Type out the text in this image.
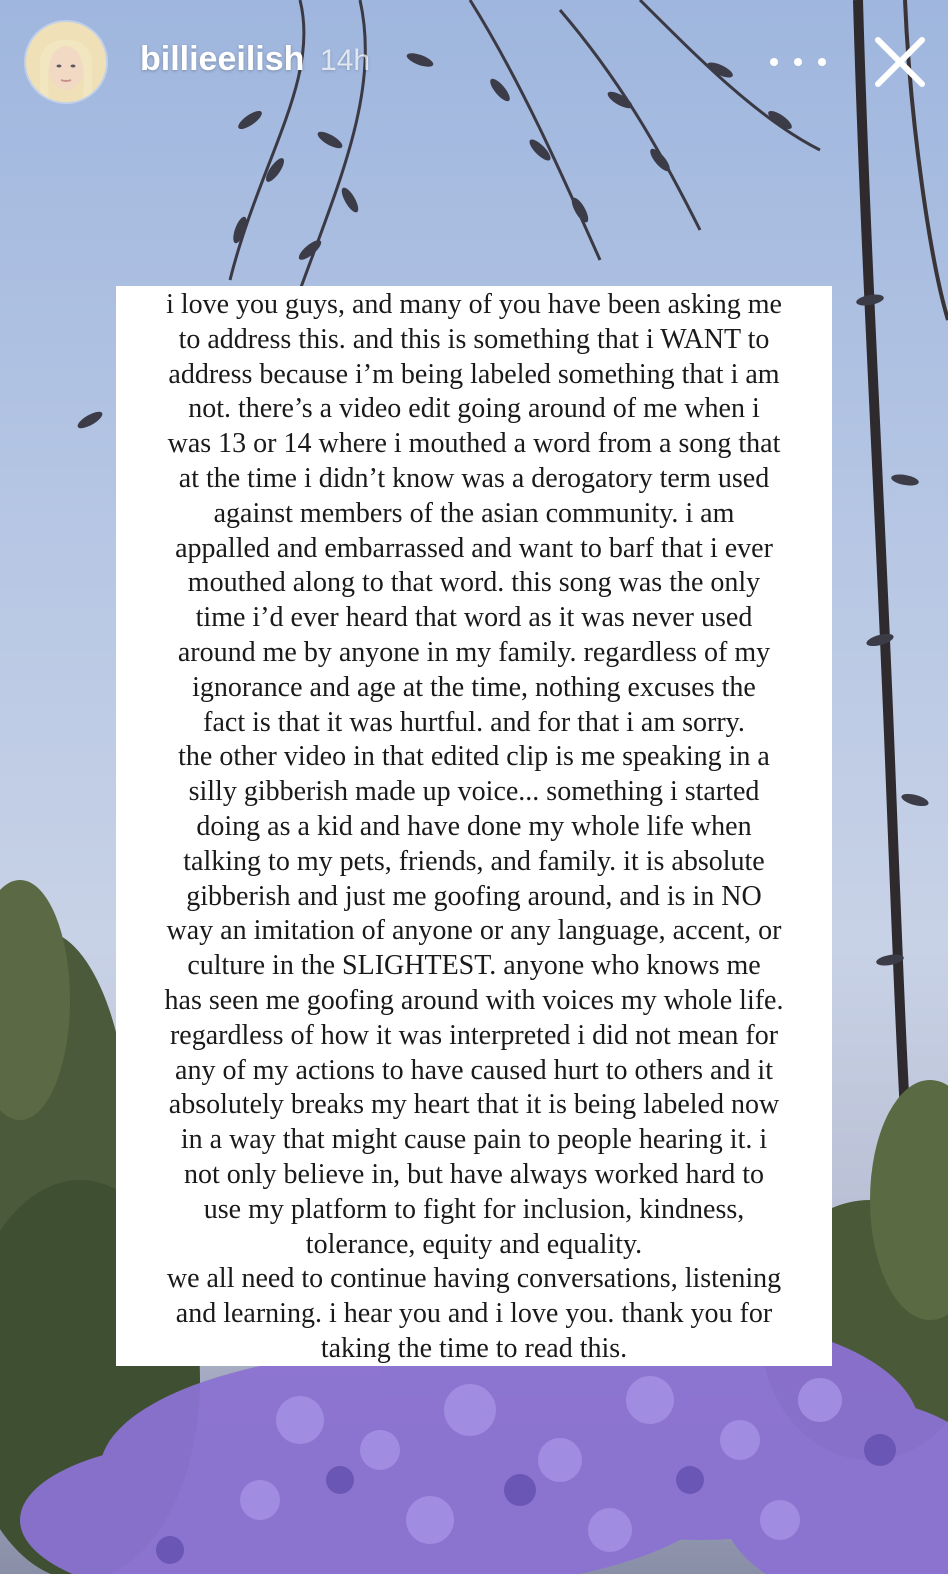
billieeilish 14h

i love you guys, and many of you have been asking me
to address this. and this is something that i WANT to
address because i’m being labeled something that i am
not. there’s a video edit going around of me when i
was 13 or 14 where i mouthed a word from a song that
at the time i didn’t know was a derogatory term used
against members of the asian community. i am
appalled and embarrassed and want to barf that i ever
mouthed along to that word. this song was the only
time i’d ever heard that word as it was never used
around me by anyone in my family. regardless of my
ignorance and age at the time, nothing excuses the
fact is that it was hurtful. and for that i am sorry.
the other video in that edited clip is me speaking in a
silly gibberish made up voice... something i started
doing as a kid and have done my whole life when
talking to my pets, friends, and family. it is absolute
gibberish and just me goofing around, and is in NO
way an imitation of anyone or any language, accent, or
culture in the SLIGHTEST. anyone who knows me
has seen me goofing around with voices my whole life.
regardless of how it was interpreted i did not mean for
any of my actions to have caused hurt to others and it
absolutely breaks my heart that it is being labeled now
in a way that might cause pain to people hearing it. i
not only believe in, but have always worked hard to
use my platform to fight for inclusion, kindness,
tolerance, equity and equality.
we all need to continue having conversations, listening
and learning. i hear you and i love you. thank you for
taking the time to read this.
